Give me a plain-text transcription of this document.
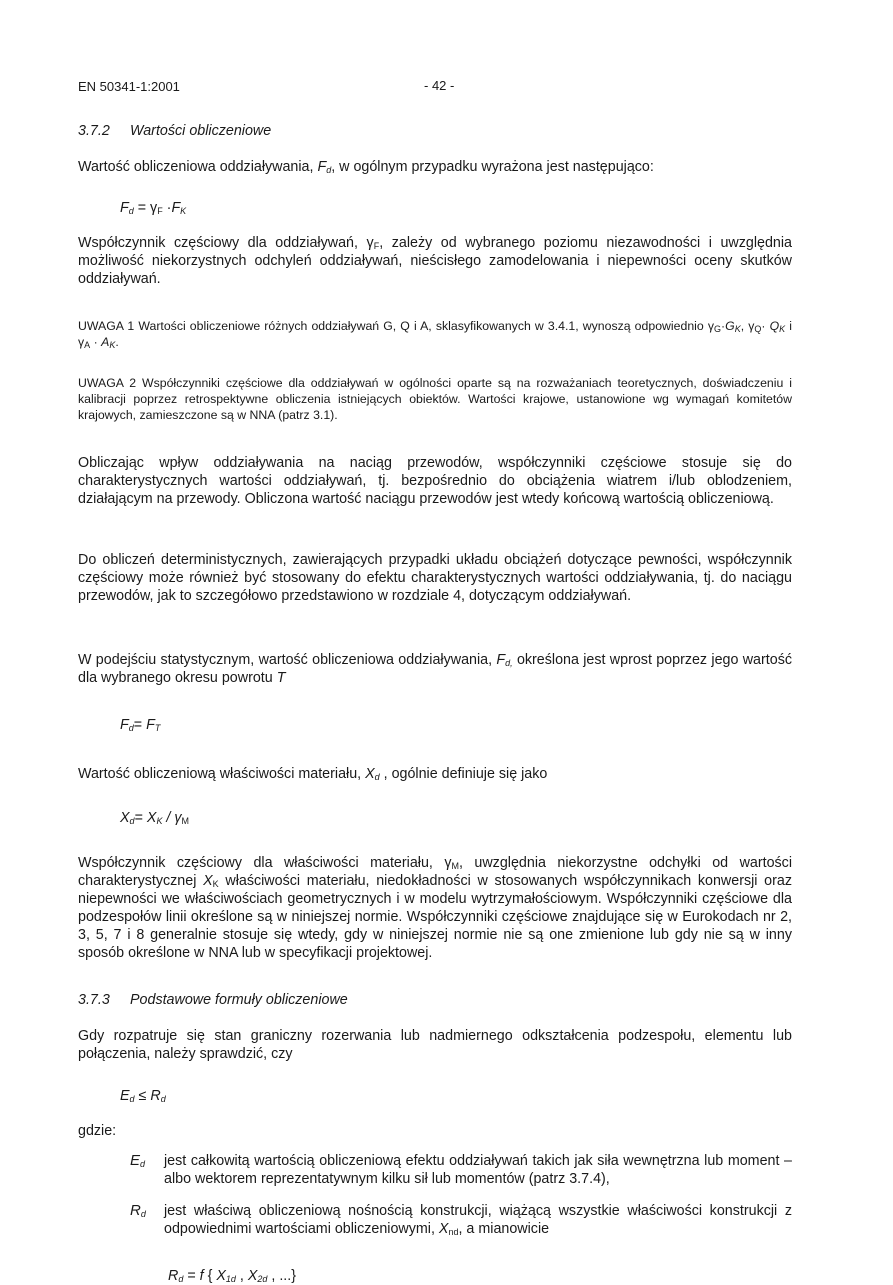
EN 50341-1:2001	- 42 -
3.7.2 Wartości obliczeniowe
Wartość obliczeniowa oddziaływania, $F_d$, w ogólnym przypadku wyrażona jest następująco:
$F_d = \gamma_F \cdot F_K$
Współczynnik częściowy dla oddziaływań, $\gamma_F$, zależy od wybranego poziomu niezawodności i uwzględnia możliwość niekorzystnych odchyleń oddziaływań, nieścisłego zamodelowania i niepewności oceny skutków oddziaływań.
UWAGA 1 Wartości obliczeniowe różnych oddziaływań G, Q i A, sklasyfikowanych w 3.4.1, wynoszą odpowiednio $\gamma_G\cdot G_K$, $\gamma_Q\cdot Q_K$ i $\gamma_A \cdot A_K$.
UWAGA 2 Współczynniki częściowe dla oddziaływań w ogólności oparte są na rozważaniach teoretycznych, doświadczeniu i kalibracji poprzez retrospektywne obliczenia istniejących obiektów. Wartości krajowe, ustanowione wg wymagań komitetów krajowych, zamieszczone są w NNA (patrz 3.1).
Obliczając wpływ oddziaływania na naciąg przewodów, współczynniki częściowe stosuje się do charakterystycznych wartości oddziaływań, tj. bezpośrednio do obciążenia wiatrem i/lub oblodzeniem, działającym na przewody. Obliczona wartość naciągu przewodów jest wtedy końcową wartością obliczeniową.
Do obliczeń deterministycznych, zawierających przypadki układu obciążeń dotyczące pewności, współczynnik częściowy może również być stosowany do efektu charakterystycznych wartości oddziaływania, tj. do naciągu przewodów, jak to szczegółowo przedstawiono w rozdziale 4, dotyczącym oddziaływań.
W podejściu statystycznym, wartość obliczeniowa oddziaływania, $F_{d,}$ określona jest wprost poprzez jego wartość dla wybranego okresu powrotu T
$F_d= F_T$
Wartość obliczeniową właściwości materiału, $X_d$ , ogólnie definiuje się jako
$X_d= X_K / \gamma_M$
Współczynnik częściowy dla właściwości materiału, $\gamma_M$, uwzględnia niekorzystne odchyłki od wartości charakterystycznej $X_K$ właściwości materiału, niedokładności w stosowanych współczynnikach konwersji oraz niepewności we właściwościach geometrycznych i w modelu wytrzymałościowym. Współczynniki częściowe dla podzespołów linii określone są w niniejszej normie. Współczynniki częściowe znajdujące się w Eurokodach nr 2, 3, 5, 7 i 8 generalnie stosuje się wtedy, gdy w niniejszej normie nie są one zmienione lub gdy nie są w inny sposób określone w NNA lub w specyfikacji projektowej.
3.7.3 Podstawowe formuły obliczeniowe
Gdy rozpatruje się stan graniczny rozerwania lub nadmiernego odkształcenia podzespołu, elementu lub połączenia, należy sprawdzić, czy
$E_d \le R_d$
gdzie:
$E_d$ jest całkowitą wartością obliczeniową efektu oddziaływań takich jak siła wewnętrzna lub moment – albo wektorem reprezentatywnym kilku sił lub momentów (patrz 3.7.4),
$R_d$ jest właściwą obliczeniową nośnością konstrukcji, wiążącą wszystkie właściwości konstrukcji z odpowiednimi wartościami obliczeniowymi, $X_{nd}$, a mianowicie
$R_d = f$ { $X_{1d}$ , $X_{2d}$ , ...}
